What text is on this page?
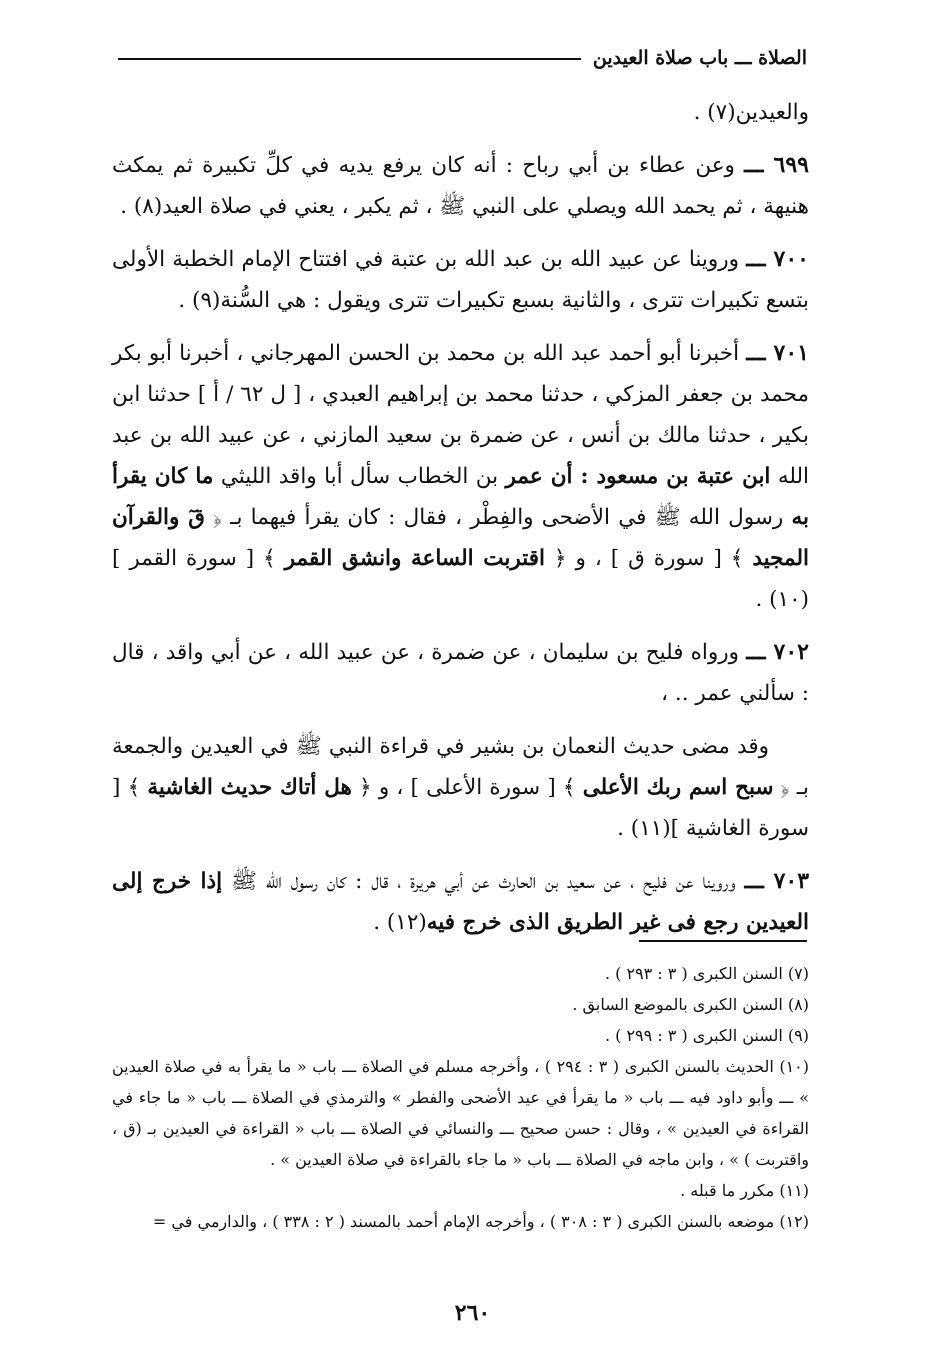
الصلاة ـــ باب صلاة العيدين

والعيدين(٧) .

٦٩٩ ـــ وعن عطاء بن أبي رباح : أنه كان يرفع يديه في كلِّ تكبيرة ثم يمكث هنيهة ، ثم يحمد الله ويصلي على النبي ﷺ ، ثم يكبر ، يعني في صلاة العيد(٨) .

٧٠٠ ـــ وروينا عن عبيد الله بن عبد الله بن عتبة في افتتاح الإمام الخطبة الأولى بتسع تكبيرات تترى ، والثانية بسبع تكبيرات تترى ويقول : هي السُّنة(٩) .

٧٠١ ـــ أخبرنا أبو أحمد عبد الله بن محمد بن الحسن المهرجاني ، أخبرنا أبو بكر محمد بن جعفر المزكي ، حدثنا محمد بن إبراهيم العبدي ، [ ل ٦٢ / أ ] حدثنا ابن بكير ، حدثنا مالك بن أنس ، عن ضمرة بن سعيد المازني ، عن عبيد الله بن عبد الله ابن عتبة بن مسعود : أن عمر بن الخطاب سأل أبا واقد الليثي ما كان يقرأ به رسول الله ﷺ في الأضحى والفِطْر ، فقال : كان يقرأ فيهما بـ ﴿ قٓ والقرآن المجيد ﴾ [ سورة ق ] ، و ﴿ اقتربت الساعة وانشق القمر ﴾ [ سورة القمر ](١٠) .

٧٠٢ ـــ ورواه فليح بن سليمان ، عن ضمرة ، عن عبيد الله ، عن أبي واقد ، قال : سألني عمر .. ،

وقد مضى حديث النعمان بن بشير في قراءة النبي ﷺ في العيدين والجمعة بـ ﴿ سبح اسم ربك الأعلى ﴾ [ سورة الأعلى ] ، و ﴿ هل أتاك حديث الغاشية ﴾ [ سورة الغاشية ](١١) .

٧٠٣ ـــ وروينا عن فليح ، عن سعيد بن الحارث عن أبي هريرة ، قال : كان رسول الله ﷺ إذا خرج إلى العيدين رجع فى غير الطريق الذى خرج فيه(١٢) .

(٧) السنن الكبرى ( ٣ : ٢٩٣ ) .

(٨) السنن الكبرى بالموضع السابق .

(٩) السنن الكبرى ( ٣ : ٢٩٩ ) .

(١٠) الحديث بالسنن الكبرى ( ٣ : ٢٩٤ ) ، وأخرجه مسلم في الصلاة ـــ باب « ما يقرأ به في صلاة العيدين » ـــ وأبو داود فيه ـــ باب « ما يقرأ في عيد الأضحى والفطر » والترمذي في الصلاة ـــ باب « ما جاء في القراءة في العيدين » ، وقال : حسن صحيح ـــ والنسائي في الصلاة ـــ باب « القراءة في العيدين بـ (ق ، واقتربت ) » ، وابن ماجه في الصلاة ـــ باب « ما جاء بالقراءة في صلاة العيدين » .

(١١) مكرر ما قبله .

(١٢) موضعه بالسنن الكبرى ( ٣ : ٣٠٨ ) ، وأخرجه الإمام أحمد بالمسند ( ٢ : ٣٣٨ ) ، والدارمي في =

٢٦٠
